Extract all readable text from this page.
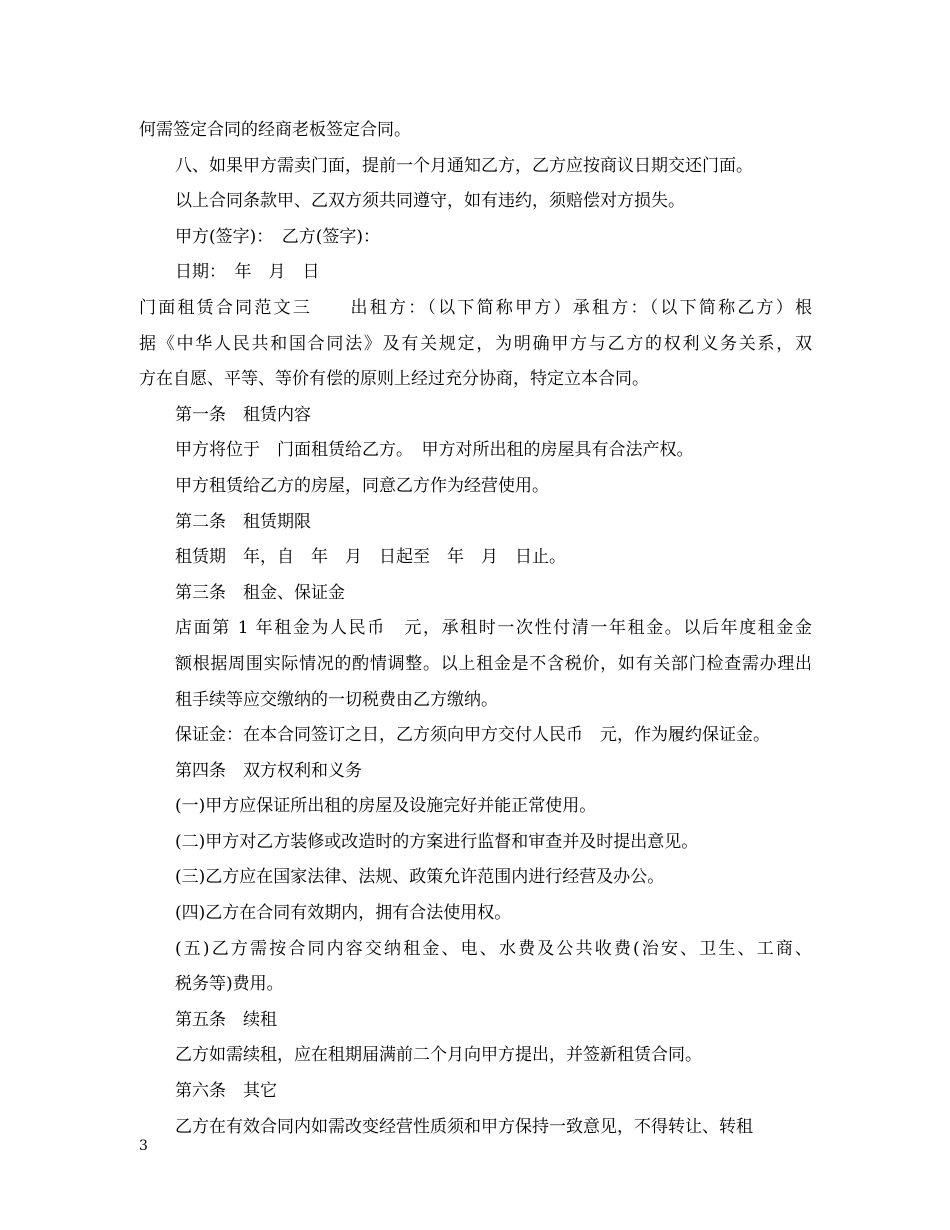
何需签定合同的经商老板签定合同。

八、如果甲方需卖门面，提前一个月通知乙方，乙方应按商议日期交还门面。

以上合同条款甲、乙双方须共同遵守，如有违约，须赔偿对方损失。

甲方(签字)：　乙方(签字)：

日期：　年　月　日

门面租赁合同范文三　　出租方：（以下简称甲方）承租方：（以下简称乙方）根
据《中华人民共和国合同法》及有关规定，为明确甲方与乙方的权利义务关系，双
方在自愿、平等、等价有偿的原则上经过充分协商，特定立本合同。

第一条　租赁内容

甲方将位于　门面租赁给乙方。　甲方对所出租的房屋具有合法产权。

甲方租赁给乙方的房屋，同意乙方作为经营使用。

第二条　租赁期限

租赁期　年，自　年　月　日起至　年　月　日止。

第三条　租金、保证金

店面第 1 年租金为人民币　元，承租时一次性付清一年租金。以后年度租金金
额根据周围实际情况的酌情调整。以上租金是不含税价，如有关部门检查需办理出
租手续等应交缴纳的一切税费由乙方缴纳。

保证金：在本合同签订之日，乙方须向甲方交付人民币　元，作为履约保证金。

第四条　双方权利和义务

(一)甲方应保证所出租的房屋及设施完好并能正常使用。

(二)甲方对乙方装修或改造时的方案进行监督和审查并及时提出意见。

(三)乙方应在国家法律、法规、政策允许范围内进行经营及办公。

(四)乙方在合同有效期内，拥有合法使用权。

(五)乙方需按合同内容交纳租金、电、水费及公共收费(治安、卫生、工商、
税务等)费用。

第五条　续租

乙方如需续租，应在租期届满前二个月向甲方提出，并签新租赁合同。

第六条　其它

乙方在有效合同内如需改变经营性质须和甲方保持一致意见，不得转让、转租

3
